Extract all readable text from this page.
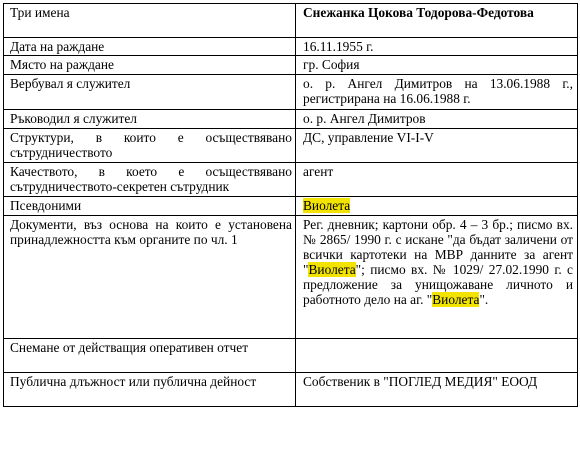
Три имена	Снежанка Цокова Тодорова-Федотова
Дата на раждане	16.11.1955 г.
Място на раждане	гр. София
Вербувал я служител	о. р. Ангел Димитров на 13.06.1988 г., регистрирана на 16.06.1988 г.
Ръководил я служител	о. р. Ангел Димитров
Структури, в които е осъществявано сътрудничеството	ДС, управление VI-I-V
Качеството, в което е осъществявано сътрудничеството-секретен сътрудник	агент
Псевдоними	Виолета
Документи, въз основа на които е установена принадлежността към органите по чл. 1	Рег. дневник; картони обр. 4 – 3 бр.; писмо вх. № 2865/ 1990 г. с искане "да бъдат заличени от всички картотеки на МВР данните за агент "Виолета"; писмо вх. № 1029/ 27.02.1990 г. с предложение за унищожаване личното и работното дело на аг. "Виолета".
Снемане от действащия оперативен отчет	
Публична длъжност или публична дейност	Собственик в "ПОГЛЕД МЕДИЯ" ЕООД
